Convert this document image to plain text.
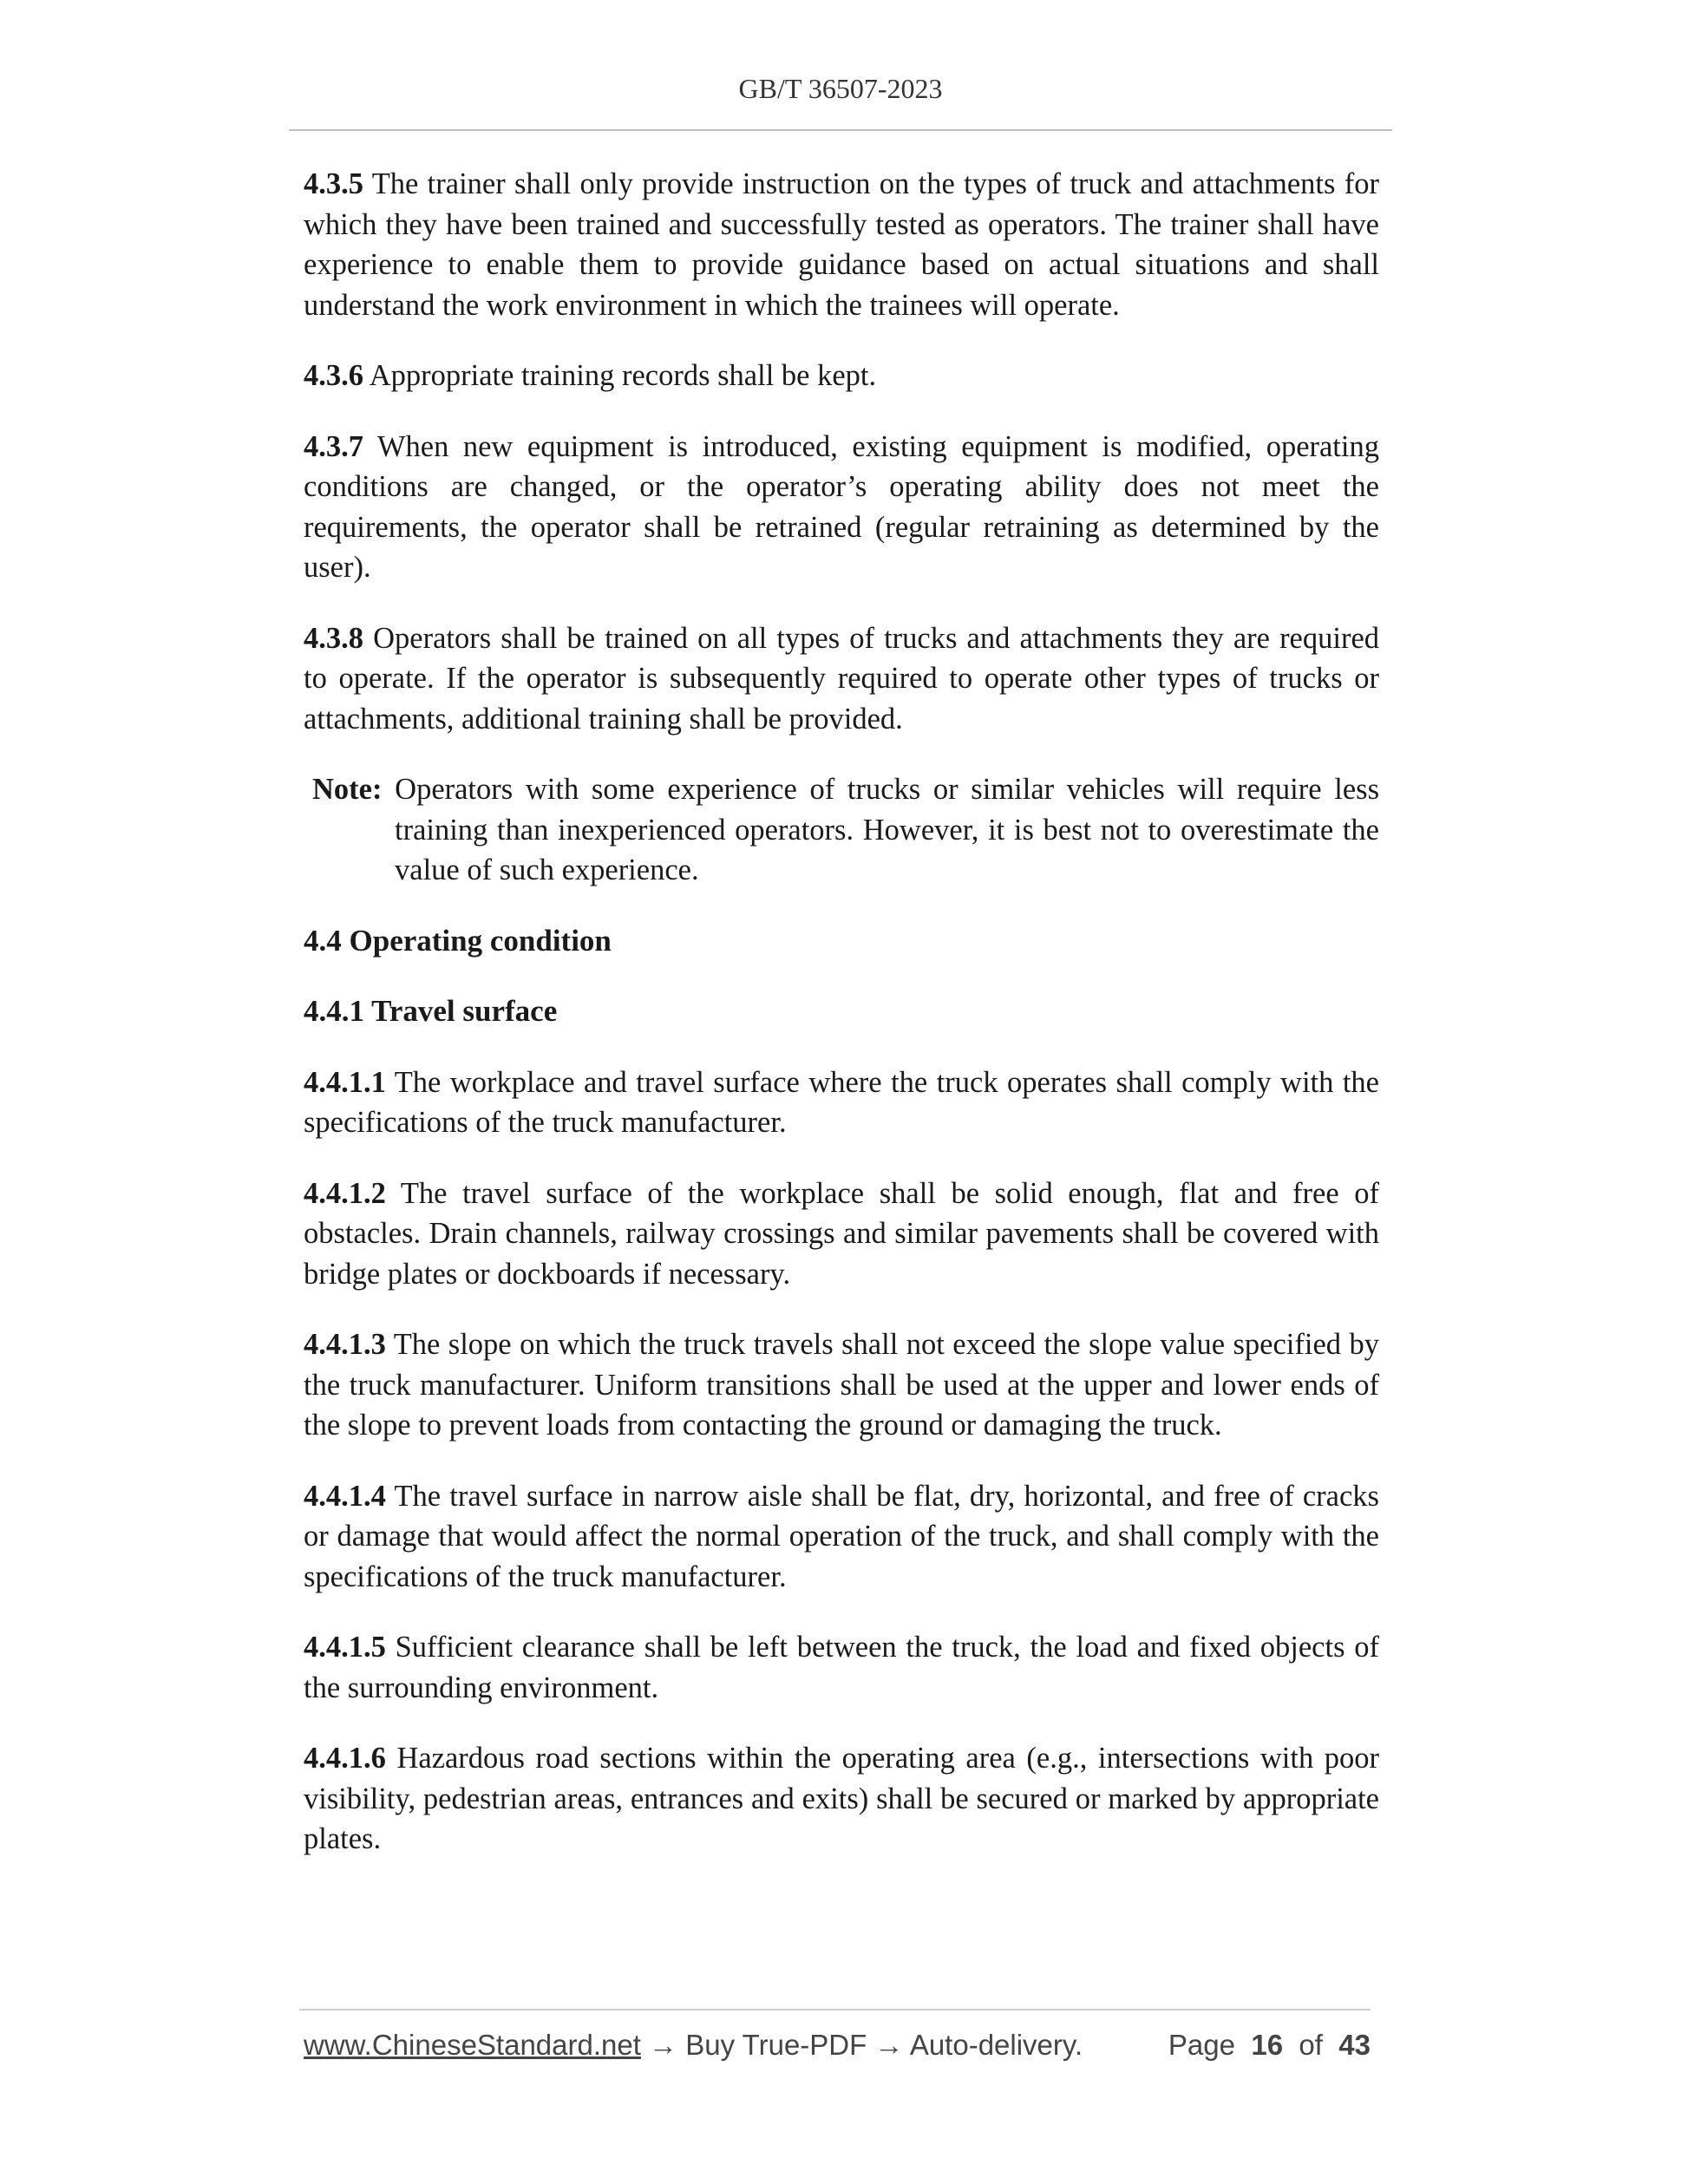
GB/T 36507-2023

4.3.5 The trainer shall only provide instruction on the types of truck and attachments for which they have been trained and successfully tested as operators. The trainer shall have experience to enable them to provide guidance based on actual situations and shall understand the work environment in which the trainees will operate.

4.3.6 Appropriate training records shall be kept.

4.3.7 When new equipment is introduced, existing equipment is modified, operating conditions are changed, or the operator’s operating ability does not meet the requirements, the operator shall be retrained (regular retraining as determined by the user).

4.3.8 Operators shall be trained on all types of trucks and attachments they are required to operate. If the operator is subsequently required to operate other types of trucks or attachments, additional training shall be provided.

Note: Operators with some experience of trucks or similar vehicles will require less training than inexperienced operators. However, it is best not to overestimate the value of such experience.

4.4 Operating condition
4.4.1 Travel surface

4.4.1.1 The workplace and travel surface where the truck operates shall comply with the specifications of the truck manufacturer.

4.4.1.2 The travel surface of the workplace shall be solid enough, flat and free of obstacles. Drain channels, railway crossings and similar pavements shall be covered with bridge plates or dockboards if necessary.

4.4.1.3 The slope on which the truck travels shall not exceed the slope value specified by the truck manufacturer. Uniform transitions shall be used at the upper and lower ends of the slope to prevent loads from contacting the ground or damaging the truck.

4.4.1.4 The travel surface in narrow aisle shall be flat, dry, horizontal, and free of cracks or damage that would affect the normal operation of the truck, and shall comply with the specifications of the truck manufacturer.

4.4.1.5 Sufficient clearance shall be left between the truck, the load and fixed objects of the surrounding environment.

4.4.1.6 Hazardous road sections within the operating area (e.g., intersections with poor visibility, pedestrian areas, entrances and exits) shall be secured or marked by appropriate plates.

www.ChineseStandard.net → Buy True-PDF → Auto-delivery.	Page 16 of 43
